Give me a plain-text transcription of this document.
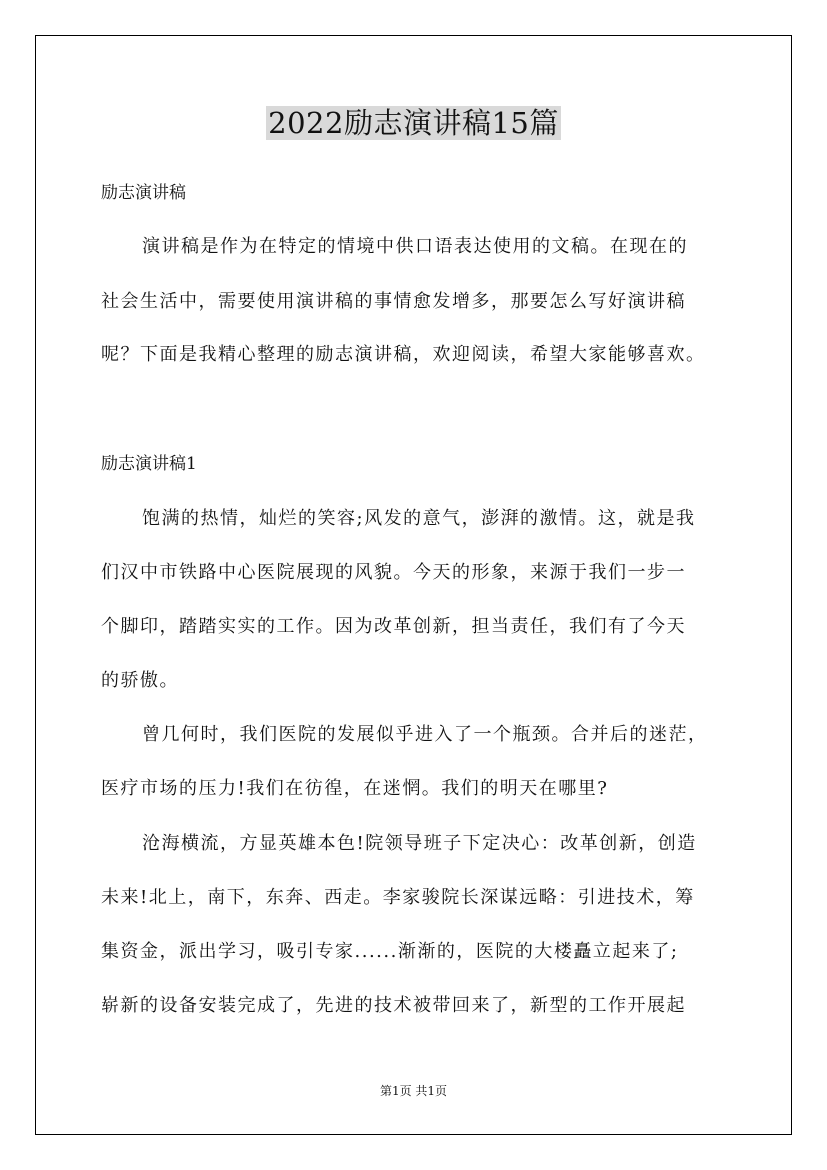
2022励志演讲稿15篇
励志演讲稿
演讲稿是作为在特定的情境中供口语表达使用的文稿。在现在的
社会生活中，需要使用演讲稿的事情愈发增多，那要怎么写好演讲稿
呢？下面是我精心整理的励志演讲稿，欢迎阅读，希望大家能够喜欢。
励志演讲稿1
饱满的热情，灿烂的笑容;风发的意气，澎湃的激情。这，就是我
们汉中市铁路中心医院展现的风貌。今天的形象，来源于我们一步一
个脚印，踏踏实实的工作。因为改革创新，担当责任，我们有了今天
的骄傲。
曾几何时，我们医院的发展似乎进入了一个瓶颈。合并后的迷茫，
医疗市场的压力!我们在彷徨，在迷惘。我们的明天在哪里?
沧海横流，方显英雄本色!院领导班子下定决心：改革创新，创造
未来!北上，南下，东奔、西走。李家骏院长深谋远略：引进技术，筹
集资金，派出学习，吸引专家......渐渐的，医院的大楼矗立起来了;
崭新的设备安装完成了，先进的技术被带回来了，新型的工作开展起
第1页 共1页
